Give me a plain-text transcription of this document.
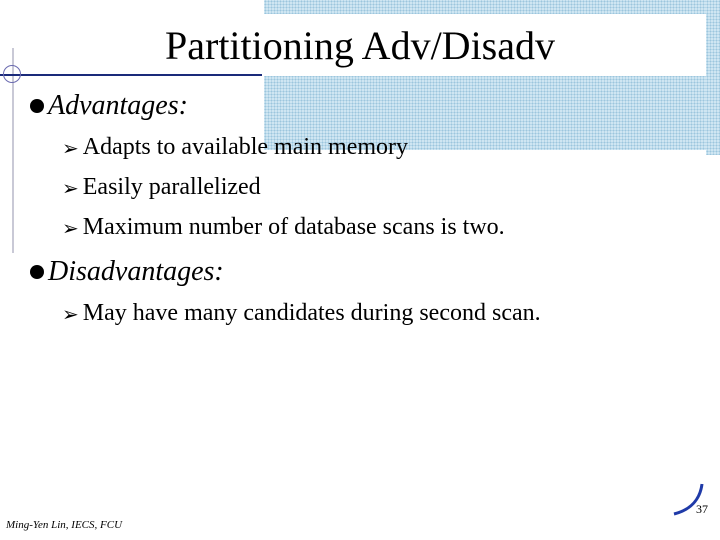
Partitioning Adv/Disadv
Advantages:
➢ Adapts to available main memory
➢ Easily parallelized
➢ Maximum number of database scans is two.
Disadvantages:
➢ May have many candidates during second scan.
37
Ming-Yen Lin, IECS, FCU
